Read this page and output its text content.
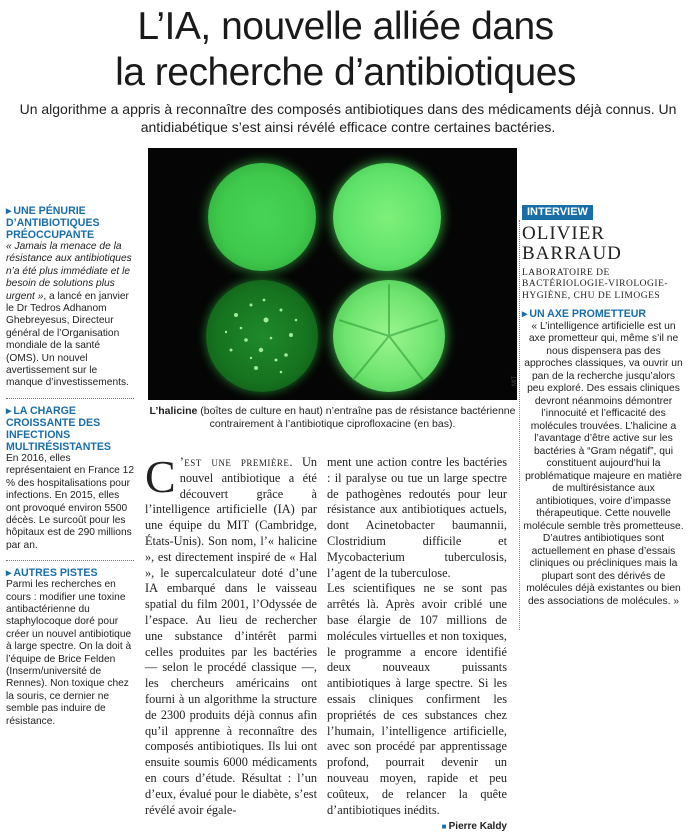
L’IA, nouvelle alliée dans
la recherche d’antibiotiques
Un algorithme a appris à reconnaître des composés antibiotiques dans des médicaments déjà connus. Un antidiabétique s’est ainsi révélé efficace contre certaines bactéries.
MIT
L’halicine (boîtes de culture en haut) n’entraîne pas de résistance bactérienne contrairement à l’antibiotique ciprofloxacine (en bas).
▸ UNE PÉNURIE D’ANTIBIOTIQUES PRÉOCCUPANTE
« Jamais la menace de la résistance aux antibiotiques n’a été plus immédiate et le besoin de solutions plus urgent », a lancé en janvier le Dr Tedros Adhanom Ghebreyesus, Directeur général de l’Organisation mondiale de la santé (OMS). Un nouvel avertissement sur le manque d’investissements.
▸ LA CHARGE CROISSANTE DES INFECTIONS MULTIRÉSISTANTES
En 2016, elles représentaient en France 12 % des hospitalisations pour infections. En 2015, elles ont provoqué environ 5500 décès. Le surcoût pour les hôpitaux est de 290 millions par an.
▸ AUTRES PISTES
Parmi les recherches en cours : modifier une toxine antibactérienne du staphylocoque doré pour créer un nouvel antibiotique à large spectre. On la doit à l’équipe de Brice Felden (Inserm/université de Rennes). Non toxique chez la souris, ce dernier ne semble pas induire de résistance.
C ’est une première. Un nouvel antibiotique a été découvert grâce à l’intelligence artificielle (IA) par une équipe du MIT (Cambridge, États-Unis). Son nom, l’« halicine », est directement inspiré de « Hal », le supercalculateur doté d’une IA embarqué dans le vaisseau spatial du film 2001, l’Odyssée de l’espace. Au lieu de rechercher une substance d’intérêt parmi celles produites par les bactéries — selon le procédé classique —, les chercheurs américains ont fourni à un algorithme la structure de 2300 produits déjà connus afin qu’il apprenne à reconnaître des composés antibiotiques. Ils lui ont ensuite soumis 6000 médicaments en cours d’étude. Résultat : l’un d’eux, évalué pour le diabète, s’est révélé avoir égale-
ment une action contre les bactéries : il paralyse ou tue un large spectre de pathogènes redoutés pour leur résistance aux antibiotiques actuels, dont Acinetobacter baumannii, Clostridium difficile et Mycobacterium tuberculosis, l’agent de la tuberculose.
Les scientifiques ne se sont pas arrêtés là. Après avoir criblé une base élargie de 107 millions de molécules virtuelles et non toxiques, le programme a encore identifié deux nouveaux puissants antibiotiques à large spectre. Si les essais cliniques confirment les propriétés de ces substances chez l’humain, l’intelligence artificielle, avec son procédé par apprentissage profond, pourrait devenir un nouveau moyen, rapide et peu coûteux, de relancer la quête d’antibiotiques inédits.
■ Pierre Kaldy
INTERVIEW
OLIVIER
BARRAUD
LABORATOIRE DE BACTÉRIOLOGIE-VIROLOGIE-HYGIÈNE, CHU DE LIMOGES
▸ UN AXE PROMETTEUR
« L’intelligence artificielle est un axe prometteur qui, même s’il ne nous dispensera pas des approches classiques, va ouvrir un pan de la recherche jusqu’alors peu exploré. Des essais cliniques devront néanmoins démontrer l’innocuité et l’efficacité des molécules trouvées. L’halicine a l’avantage d’être active sur les bactéries à “Gram négatif”, qui constituent aujourd’hui la problématique majeure en matière de multirésistance aux antibiotiques, voire d’impasse thérapeutique. Cette nouvelle molécule semble très prometteuse. D’autres antibiotiques sont actuellement en phase d’essais cliniques ou précliniques mais la plupart sont des dérivés de molécules déjà existantes ou bien des associations de molécules. »
